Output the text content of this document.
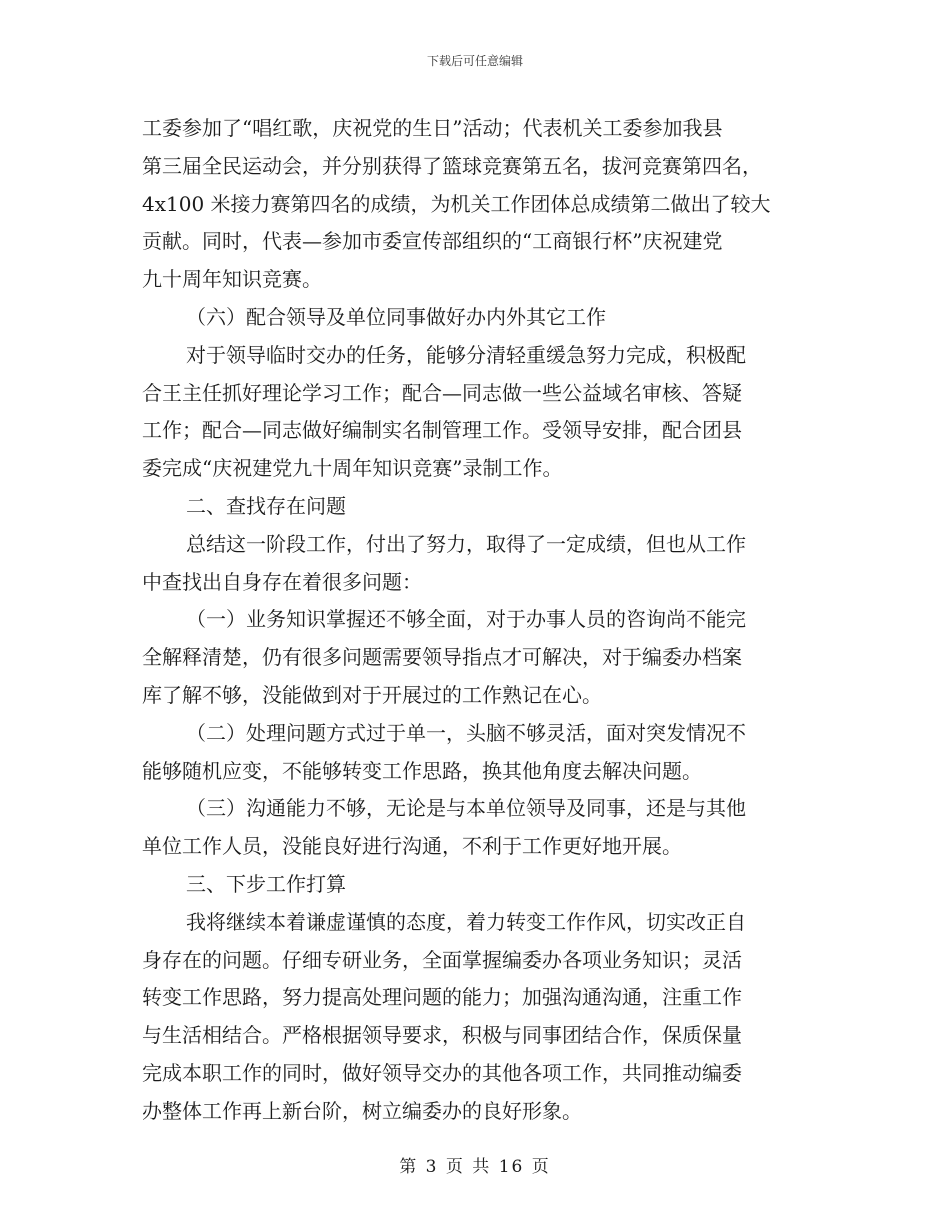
下载后可任意编辑
工委参加了“唱红歌，庆祝党的生日”活动；代表机关工委参加我县
第三届全民运动会，并分别获得了篮球竞赛第五名，拔河竞赛第四名，
4x100 米接力赛第四名的成绩，为机关工作团体总成绩第二做出了较大
贡献。同时，代表—参加市委宣传部组织的“工商银行杯”庆祝建党
九十周年知识竞赛。
（六）配合领导及单位同事做好办内外其它工作
对于领导临时交办的任务，能够分清轻重缓急努力完成，积极配
合王主任抓好理论学习工作；配合—同志做一些公益域名审核、答疑
工作；配合—同志做好编制实名制管理工作。受领导安排，配合团县
委完成“庆祝建党九十周年知识竞赛”录制工作。
二、查找存在问题
总结这一阶段工作，付出了努力，取得了一定成绩，但也从工作
中查找出自身存在着很多问题：
（一）业务知识掌握还不够全面，对于办事人员的咨询尚不能完
全解释清楚，仍有很多问题需要领导指点才可解决，对于编委办档案
库了解不够，没能做到对于开展过的工作熟记在心。
（二）处理问题方式过于单一，头脑不够灵活，面对突发情况不
能够随机应变，不能够转变工作思路，换其他角度去解决问题。
（三）沟通能力不够，无论是与本单位领导及同事，还是与其他
单位工作人员，没能良好进行沟通，不利于工作更好地开展。
三、下步工作打算
我将继续本着谦虚谨慎的态度，着力转变工作作风，切实改正自
身存在的问题。仔细专研业务，全面掌握编委办各项业务知识；灵活
转变工作思路，努力提高处理问题的能力；加强沟通沟通，注重工作
与生活相结合。严格根据领导要求，积极与同事团结合作，保质保量
完成本职工作的同时，做好领导交办的其他各项工作，共同推动编委
办整体工作再上新台阶，树立编委办的良好形象。
第 3 页 共 16 页
